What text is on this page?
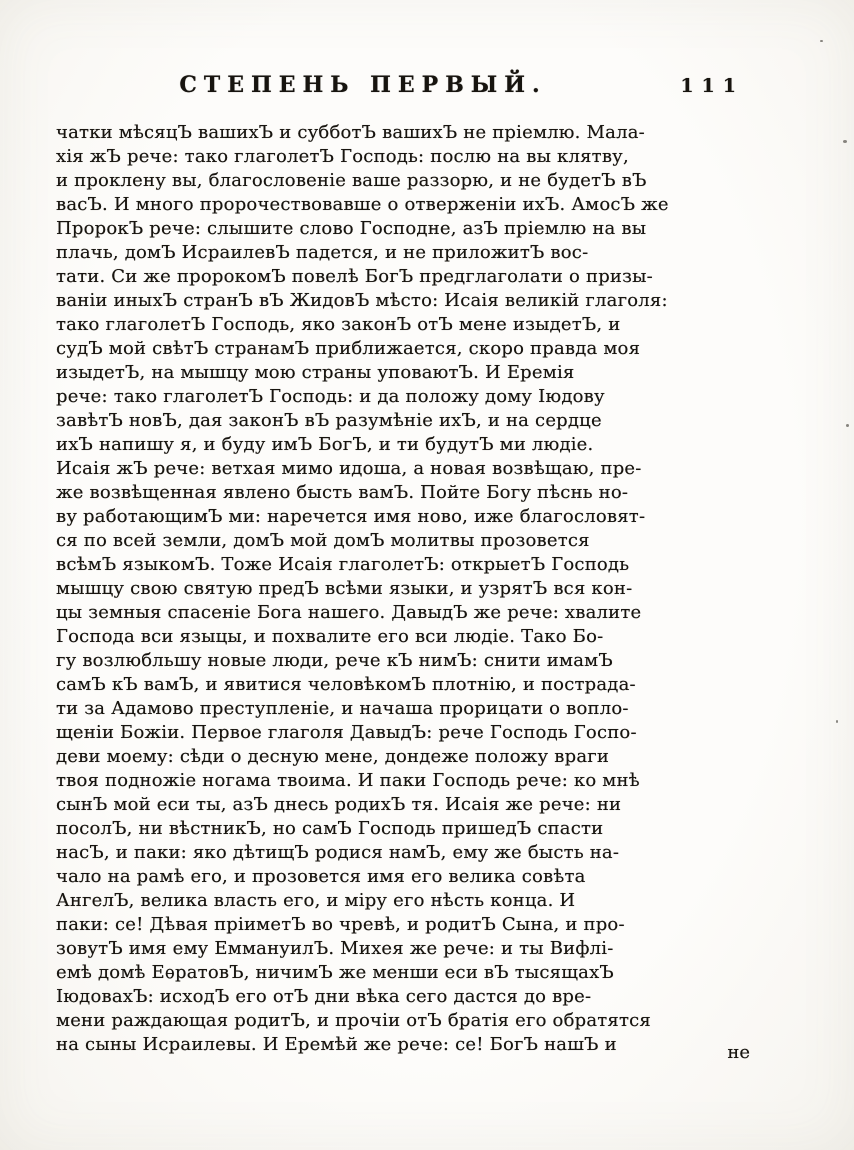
СТЕПЕНЬ ПЕРВЫЙ.	111
чатки мѣсяцЪ вашихЪ и субботЪ вашихЪ не пріемлю. Мала-
хія жЪ рече: тако глаголетЪ Господь: послю на вы клятву,
и проклену вы, благословеніе ваше раззорю, и не будетЪ вЪ
васЪ. И много пророчествовавше о отверженіи ихЪ. АмосЪ же
ПророкЪ рече: слышите слово Господне, азЪ пріемлю на вы
плачь, домЪ ИсраилевЪ падется, и не приложитЪ вос-
тати. Си же пророкомЪ повелѣ БогЪ предглаголати о призы-
ваніи иныхЪ странЪ вЪ ЖидовЪ мѣсто: Исаія великій глаголя:
тако глаголетЪ Господь, яко законЪ отЪ мене изыдетЪ, и
судЪ мой свѣтЪ странамЪ приближается, скоро правда моя
изыдетЪ, на мышцу мою страны уповаютЪ. И Еремія
рече: тако глаголетЪ Господь: и да положу дому Іюдову
завѣтЪ новЪ, дая законЪ вЪ разумѣніе ихЪ, и на сердце
ихЪ напишу я, и буду имЪ БогЪ, и ти будутЪ ми людіе.
Исаія жЪ рече: ветхая мимо идоша, а новая возвѣщаю, пре-
же возвѣщенная явлено бысть вамЪ. Пойте Богу пѣснь но-
ву работающимЪ ми: наречется имя ново, иже благословят-
ся по всей земли, домЪ мой домЪ молитвы прозовется
всѣмЪ языкомЪ. Тоже Исаія глаголетЪ: открыетЪ Господь
мышцу свою святую предЪ всѣми языки, и узрятЪ вся кон-
цы земныя спасеніе Бога нашего. ДавыдЪ же рече: хвалите
Господа вси языцы, и похвалите его вси людіе. Тако Бо-
гу возлюбльшу новые люди, рече кЪ нимЪ: снити имамЪ
самЪ кЪ вамЪ, и явитися человѣкомЪ плотнію, и пострада-
ти за Адамово преступленіе, и начаша прорицати о вопло-
щеніи Божіи. Первое глаголя ДавыдЪ: рече Господь Госпо-
деви моему: сѣди о десную мене, дондеже положу враги
твоя подножіе ногама твоима. И паки Господь рече: ко мнѣ
сынЪ мой еси ты, азЪ днесь родихЪ тя. Исаія же рече: ни
посолЪ, ни вѣстникЪ, но самЪ Господь пришедЪ спасти
насЪ, и паки: яко дѣтищЪ родися намЪ, ему же бысть на-
чало на рамѣ его, и прозовется имя его велика совѣта
АнгелЪ, велика власть его, и міру его нѣсть конца. И
паки: се! Дѣвая пріиметЪ во чревѣ, и родитЪ Сына, и про-
зовутЪ имя ему ЕммануилЪ. Михея же рече: и ты Вифлі-
емѣ домѣ ЕѳратовЪ, ничимЪ же менши еси вЪ тысящахЪ
ІюдовахЪ: исходЪ его отЪ дни вѣка сего дастся до вре-
мени раждающая родитЪ, и прочіи отЪ братія его обратятся
на сыны Исраилевы. И Еремѣй же рече: се! БогЪ нашЪ и	не
